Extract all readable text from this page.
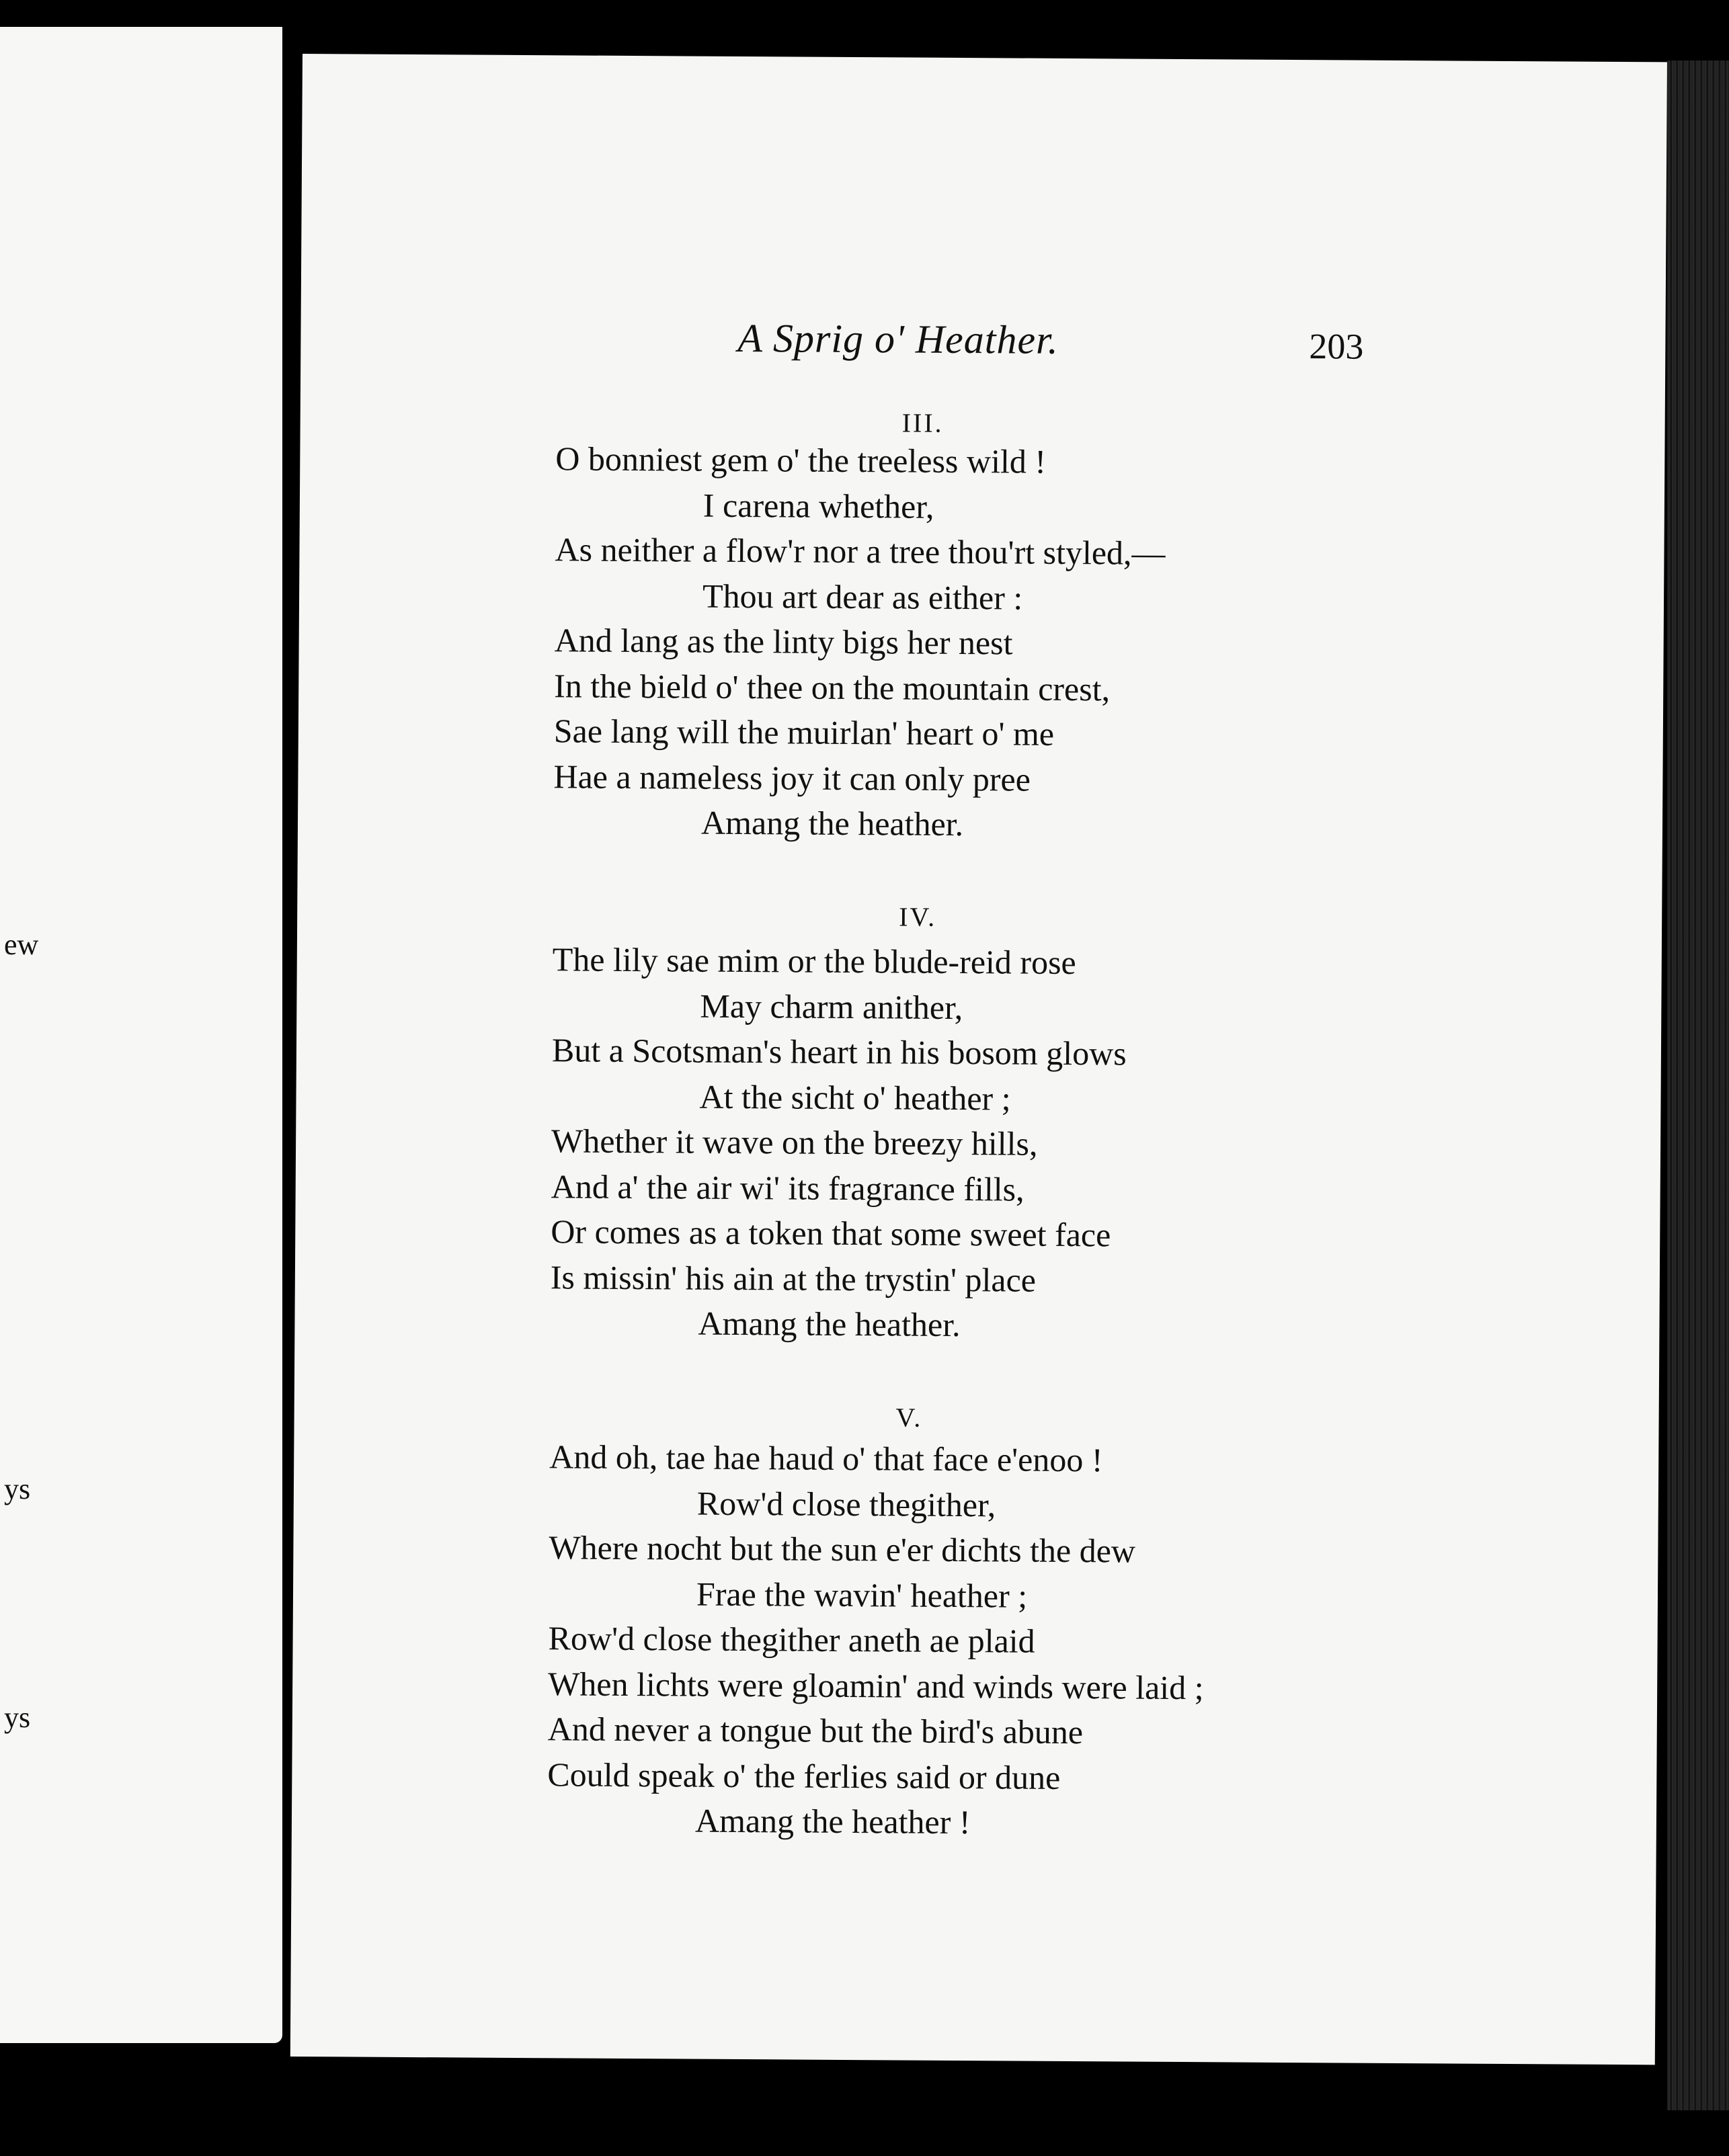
ew
ys
ys
A Sprig o' Heather.	203
III.
O bonniest gem o' the treeless wild !
I carena whether,
As neither a flow'r nor a tree thou'rt styled,—
Thou art dear as either :
And lang as the linty bigs her nest
In the bield o' thee on the mountain crest,
Sae lang will the muirlan' heart o' me
Hae a nameless joy it can only pree
Amang the heather.
IV.
The lily sae mim or the blude-reid rose
May charm anither,
But a Scotsman's heart in his bosom glows
At the sicht o' heather ;
Whether it wave on the breezy hills,
And a' the air wi' its fragrance fills,
Or comes as a token that some sweet face
Is missin' his ain at the trystin' place
Amang the heather.
V.
And oh, tae hae haud o' that face e'enoo !
Row'd close thegither,
Where nocht but the sun e'er dichts the dew
Frae the wavin' heather ;
Row'd close thegither aneth ae plaid
When lichts were gloamin' and winds were laid ;
And never a tongue but the bird's abune
Could speak o' the ferlies said or dune
Amang the heather !
